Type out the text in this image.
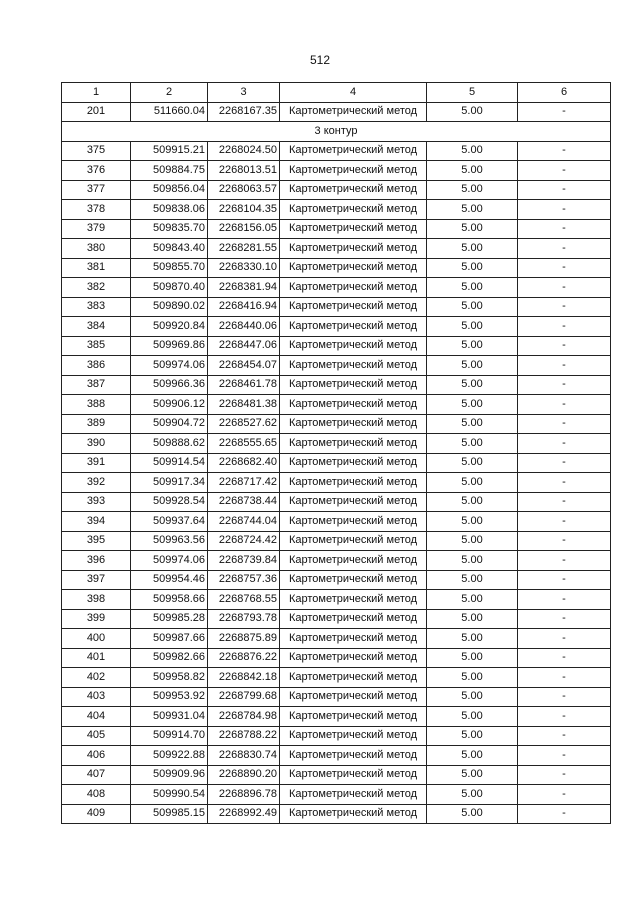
512
1	2	3	4	5	6
201	511660.04	2268167.35	Картометрический метод	5.00	-
3 контур					
375	509915.21	2268024.50	Картометрический метод	5.00	-
376	509884.75	2268013.51	Картометрический метод	5.00	-
377	509856.04	2268063.57	Картометрический метод	5.00	-
378	509838.06	2268104.35	Картометрический метод	5.00	-
379	509835.70	2268156.05	Картометрический метод	5.00	-
380	509843.40	2268281.55	Картометрический метод	5.00	-
381	509855.70	2268330.10	Картометрический метод	5.00	-
382	509870.40	2268381.94	Картометрический метод	5.00	-
383	509890.02	2268416.94	Картометрический метод	5.00	-
384	509920.84	2268440.06	Картометрический метод	5.00	-
385	509969.86	2268447.06	Картометрический метод	5.00	-
386	509974.06	2268454.07	Картометрический метод	5.00	-
387	509966.36	2268461.78	Картометрический метод	5.00	-
388	509906.12	2268481.38	Картометрический метод	5.00	-
389	509904.72	2268527.62	Картометрический метод	5.00	-
390	509888.62	2268555.65	Картометрический метод	5.00	-
391	509914.54	2268682.40	Картометрический метод	5.00	-
392	509917.34	2268717.42	Картометрический метод	5.00	-
393	509928.54	2268738.44	Картометрический метод	5.00	-
394	509937.64	2268744.04	Картометрический метод	5.00	-
395	509963.56	2268724.42	Картометрический метод	5.00	-
396	509974.06	2268739.84	Картометрический метод	5.00	-
397	509954.46	2268757.36	Картометрический метод	5.00	-
398	509958.66	2268768.55	Картометрический метод	5.00	-
399	509985.28	2268793.78	Картометрический метод	5.00	-
400	509987.66	2268875.89	Картометрический метод	5.00	-
401	509982.66	2268876.22	Картометрический метод	5.00	-
402	509958.82	2268842.18	Картометрический метод	5.00	-
403	509953.92	2268799.68	Картометрический метод	5.00	-
404	509931.04	2268784.98	Картометрический метод	5.00	-
405	509914.70	2268788.22	Картометрический метод	5.00	-
406	509922.88	2268830.74	Картометрический метод	5.00	-
407	509909.96	2268890.20	Картометрический метод	5.00	-
408	509990.54	2268896.78	Картометрический метод	5.00	-
409	509985.15	2268992.49	Картометрический метод	5.00	-
